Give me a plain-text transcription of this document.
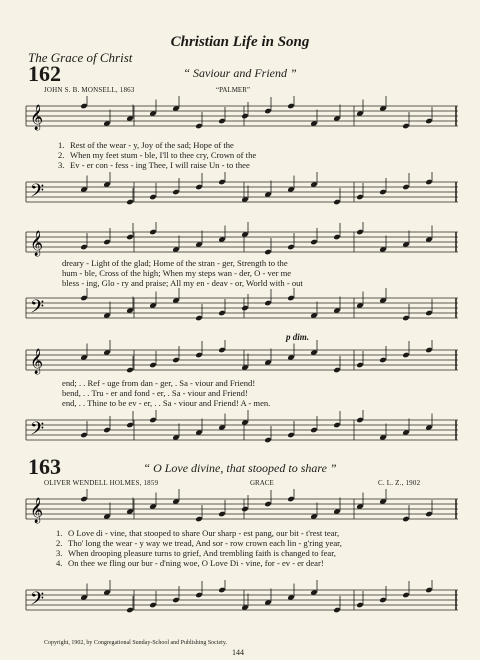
Christian Life in Song
The Grace of Christ
162	“ Saviour and Friend ”
JOHN S. B. MONSELL, 1863	“PALMER”
𝄞
1. Rest of the wear - y, Joy of the sad; Hope of the
2. When my feet stum - ble, I'll to thee cry, Crown of the
3. Ev - er con - fess - ing Thee, I will raise Un - to thee
𝄢
𝄞
dreary - Light of the glad; Home of the stran - ger, Strength to the
hum - ble, Cross of the high; When my steps wan - der, O - ver me
bless - ing, Glo - ry and praise; All my en - deav - or, World with - out
𝄢
p dim.
𝄞
end; . . Ref - uge from dan - ger, . Sa - viour and Friend!
bend, . . Tru - er and fond - er, . Sa - viour and Friend!
end, . . Thine to be ev - er, . . Sa - viour and Friend! A - men.
𝄢
163	“ O Love divine, that stooped to share ”
OLIVER WENDELL HOLMES, 1859	GRACE	C. L. Z., 1902
𝄞
1. O Love di - vine, that stooped to share Our sharp - est pang, our bit - t'rest tear,
2. Tho' long the wear - y way we tread, And sor - row crown each lin - g'ring year,
3. When drooping pleasure turns to grief, And trembling faith is changed to fear,
4. On thee we fling our bur - d'ning woe, O Love Di - vine, for - ev - er dear!
𝄢
Copyright, 1902, by Congregational Sunday-School and Publishing Society.
144
